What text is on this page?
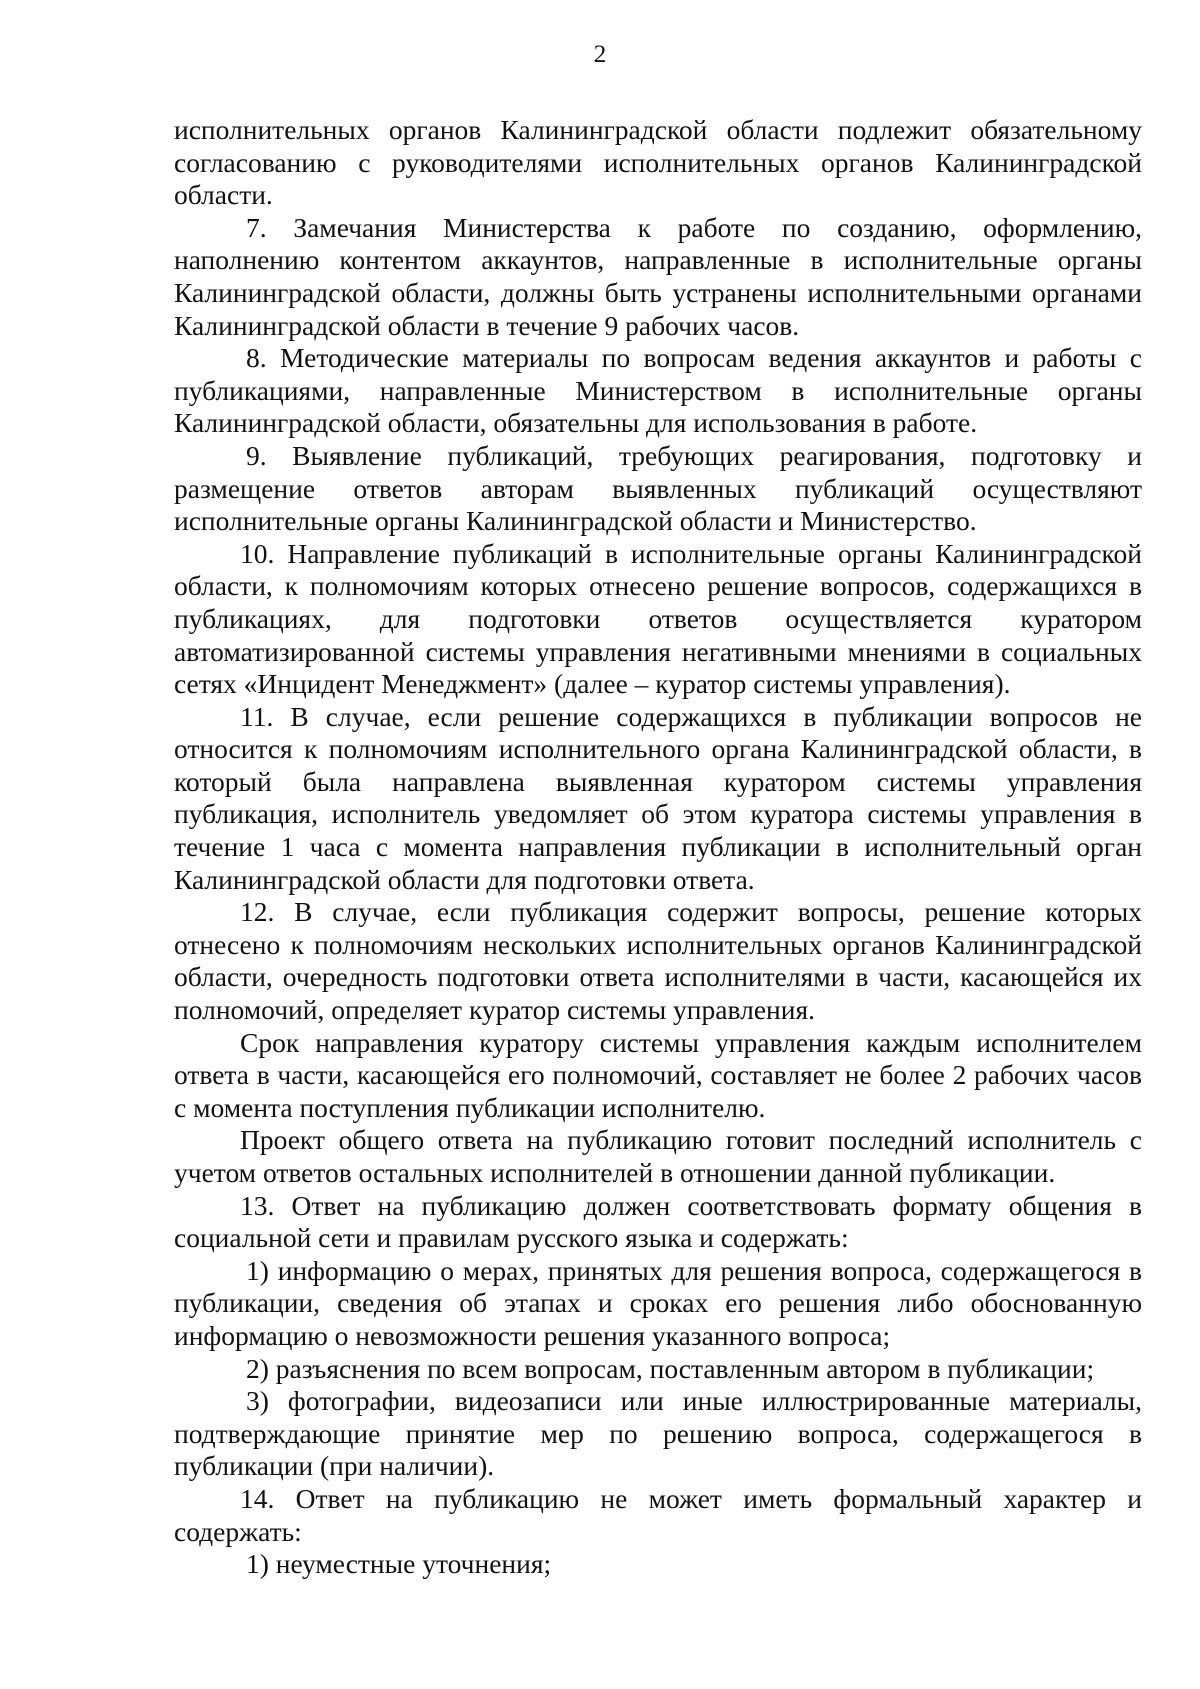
2

исполнительных органов Калининградской области подлежит обязательному согласованию с руководителями исполнительных органов Калининградской области.

7. Замечания Министерства к работе по созданию, оформлению, наполнению контентом аккаунтов, направленные в исполнительные органы Калининградской области, должны быть устранены исполнительными органами Калининградской области в течение 9 рабочих часов.

8. Методические материалы по вопросам ведения аккаунтов и работы с публикациями, направленные Министерством в исполнительные органы Калининградской области, обязательны для использования в работе.

9. Выявление публикаций, требующих реагирования, подготовку и размещение ответов авторам выявленных публикаций осуществляют исполнительные органы Калининградской области и Министерство.

10. Направление публикаций в исполнительные органы Калининградской области, к полномочиям которых отнесено решение вопросов, содержащихся в публикациях, для подготовки ответов осуществляется куратором автоматизированной системы управления негативными мнениями в социальных сетях «Инцидент Менеджмент» (далее – куратор системы управления).

11. В случае, если решение содержащихся в публикации вопросов не относится к полномочиям исполнительного органа Калининградской области, в который была направлена выявленная куратором системы управления публикация, исполнитель уведомляет об этом куратора системы управления в течение 1 часа с момента направления публикации в исполнительный орган Калининградской области для подготовки ответа.

12. В случае, если публикация содержит вопросы, решение которых отнесено к полномочиям нескольких исполнительных органов Калининградской области, очередность подготовки ответа исполнителями в части, касающейся их полномочий, определяет куратор системы управления.

Срок направления куратору системы управления каждым исполнителем ответа в части, касающейся его полномочий, составляет не более 2 рабочих часов с момента поступления публикации исполнителю.

Проект общего ответа на публикацию готовит последний исполнитель с учетом ответов остальных исполнителей в отношении данной публикации.

13. Ответ на публикацию должен соответствовать формату общения в социальной сети и правилам русского языка и содержать:

1) информацию о мерах, принятых для решения вопроса, содержащегося в публикации, сведения об этапах и сроках его решения либо обоснованную информацию о невозможности решения указанного вопроса;

2) разъяснения по всем вопросам, поставленным автором в публикации;

3) фотографии, видеозаписи или иные иллюстрированные материалы, подтверждающие принятие мер по решению вопроса, содержащегося в публикации (при наличии).

14. Ответ на публикацию не может иметь формальный характер и содержать:

1) неуместные уточнения;
